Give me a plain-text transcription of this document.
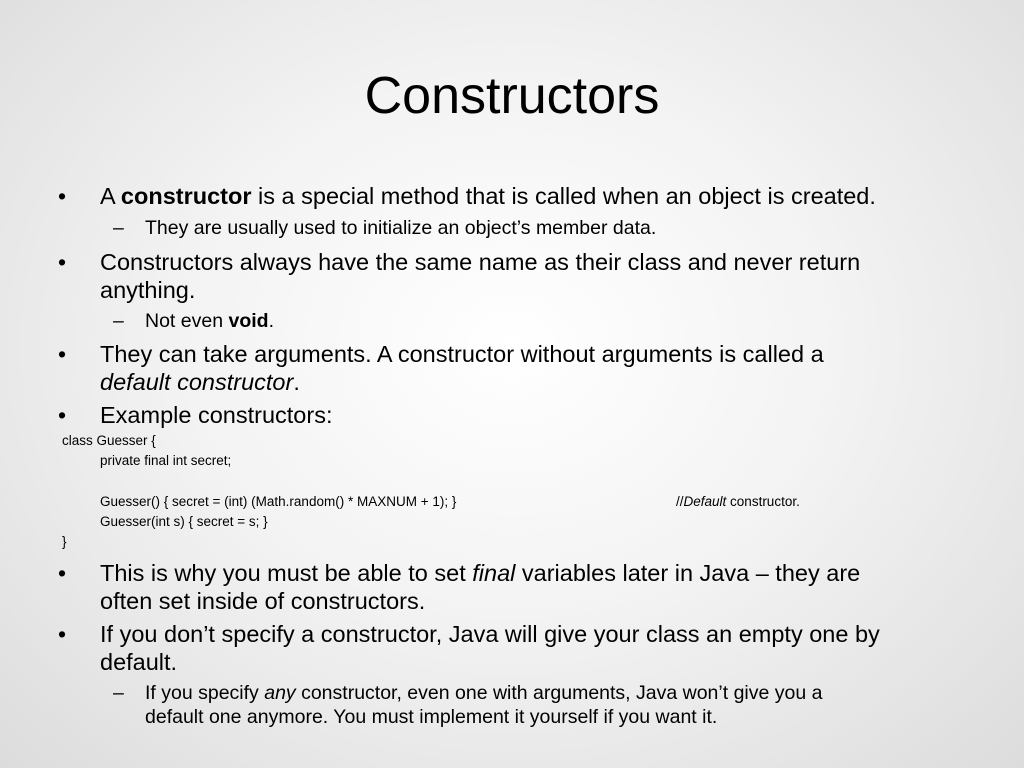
Constructors
• A constructor is a special method that is called when an object is created.
– They are usually used to initialize an object’s member data.
• Constructors always have the same name as their class and never return
anything.
– Not even void.
• They can take arguments. A constructor without arguments is called a
default constructor.
• Example constructors:
class Guesser {
private final int secret;
Guesser() { secret = (int) (Math.random() * MAXNUM + 1); }	//Default constructor.
Guesser(int s) { secret = s; }
}
• This is why you must be able to set final variables later in Java – they are
often set inside of constructors.
• If you don’t specify a constructor, Java will give your class an empty one by
default.
– If you specify any constructor, even one with arguments, Java won’t give you a
default one anymore. You must implement it yourself if you want it.
